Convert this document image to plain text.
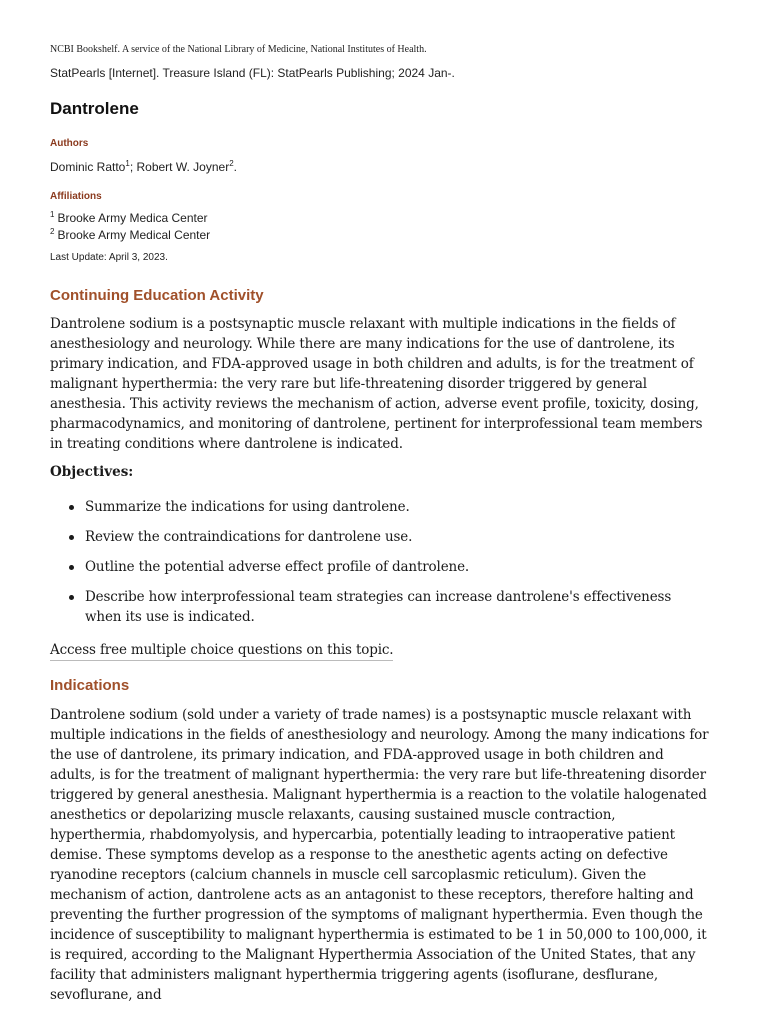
NCBI Bookshelf. A service of the National Library of Medicine, National Institutes of Health.
StatPearls [Internet]. Treasure Island (FL): StatPearls Publishing; 2024 Jan-.
Dantrolene
Authors
Dominic Ratto$^1$; Robert W. Joyner$^2$.
Affiliations
$^1$ Brooke Army Medica Center
$^2$ Brooke Army Medical Center
Last Update: April 3, 2023.
Continuing Education Activity

Dantrolene sodium is a postsynaptic muscle relaxant with multiple indications in the fields of anesthesiology and neurology. While there are many indications for the use of dantrolene, its primary indication, and FDA-approved usage in both children and adults, is for the treatment of malignant hyperthermia: the very rare but life-threatening disorder triggered by general anesthesia. This activity reviews the mechanism of action, adverse event profile, toxicity, dosing, pharmacodynamics, and monitoring of dantrolene, pertinent for interprofessional team members in treating conditions where dantrolene is indicated.

Objectives:
Summarize the indications for using dantrolene.
Review the contraindications for dantrolene use.
Outline the potential adverse effect profile of dantrolene.
Describe how interprofessional team strategies can increase dantrolene's effectiveness when its use is indicated.
Access free multiple choice questions on this topic.
Indications

Dantrolene sodium (sold under a variety of trade names) is a postsynaptic muscle relaxant with multiple indications in the fields of anesthesiology and neurology. Among the many indications for the use of dantrolene, its primary indication, and FDA-approved usage in both children and adults, is for the treatment of malignant hyperthermia: the very rare but life-threatening disorder triggered by general anesthesia. Malignant hyperthermia is a reaction to the volatile halogenated anesthetics or depolarizing muscle relaxants, causing sustained muscle contraction, hyperthermia, rhabdomyolysis, and hypercarbia, potentially leading to intraoperative patient demise. These symptoms develop as a response to the anesthetic agents acting on defective ryanodine receptors (calcium channels in muscle cell sarcoplasmic reticulum). Given the mechanism of action, dantrolene acts as an antagonist to these receptors, therefore halting and preventing the further progression of the symptoms of malignant hyperthermia. Even though the incidence of susceptibility to malignant hyperthermia is estimated to be 1 in 50,000 to 100,000, it is required, according to the Malignant Hyperthermia Association of the United States, that any facility that administers malignant hyperthermia triggering agents (isoflurane, desflurane, sevoflurane, and
